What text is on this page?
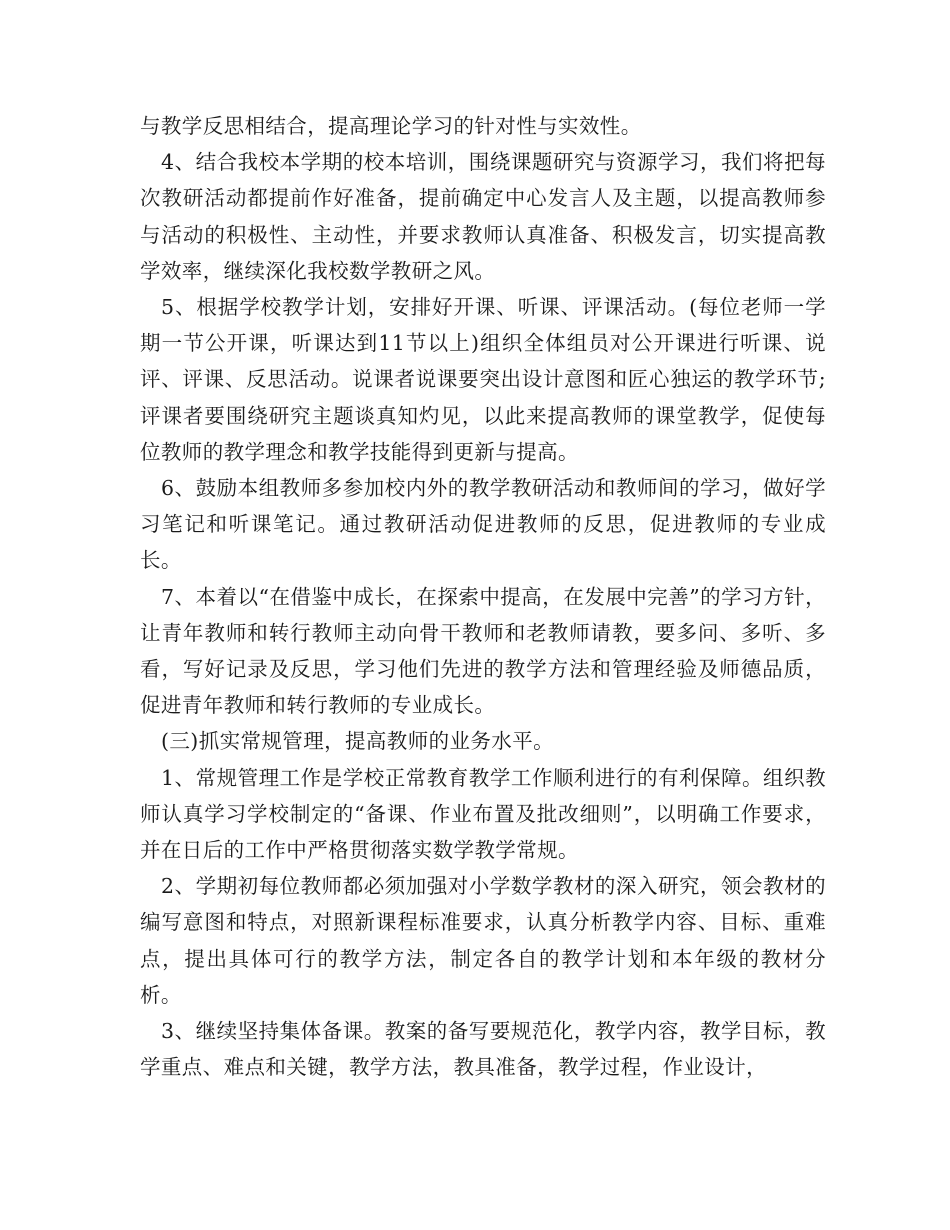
与教学反思相结合，提高理论学习的针对性与实效性。

4、结合我校本学期的校本培训，围绕课题研究与资源学习，我们将把每次教研活动都提前作好准备，提前确定中心发言人及主题，以提高教师参与活动的积极性、主动性，并要求教师认真准备、积极发言，切实提高教学效率，继续深化我校数学教研之风。

5、根据学校教学计划，安排好开课、听课、评课活动。(每位老师一学期一节公开课，听课达到11节以上)组织全体组员对公开课进行听课、说评、评课、反思活动。说课者说课要突出设计意图和匠心独运的教学环节;评课者要围绕研究主题谈真知灼见，以此来提高教师的课堂教学，促使每位教师的教学理念和教学技能得到更新与提高。

6、鼓励本组教师多参加校内外的教学教研活动和教师间的学习，做好学习笔记和听课笔记。通过教研活动促进教师的反思，促进教师的专业成长。

7、本着以“在借鉴中成长，在探索中提高，在发展中完善”的学习方针，让青年教师和转行教师主动向骨干教师和老教师请教，要多问、多听、多看，写好记录及反思，学习他们先进的教学方法和管理经验及师德品质，促进青年教师和转行教师的专业成长。

(三)抓实常规管理，提高教师的业务水平。

1、常规管理工作是学校正常教育教学工作顺利进行的有利保障。组织教师认真学习学校制定的“备课、作业布置及批改细则”，以明确工作要求，并在日后的工作中严格贯彻落实数学教学常规。

2、学期初每位教师都必须加强对小学数学教材的深入研究，领会教材的编写意图和特点，对照新课程标准要求，认真分析教学内容、目标、重难点，提出具体可行的教学方法，制定各自的教学计划和本年级的教材分析。

3、继续坚持集体备课。教案的备写要规范化，教学内容，教学目标，教学重点、难点和关键，教学方法，教具准备，教学过程，作业设计，
